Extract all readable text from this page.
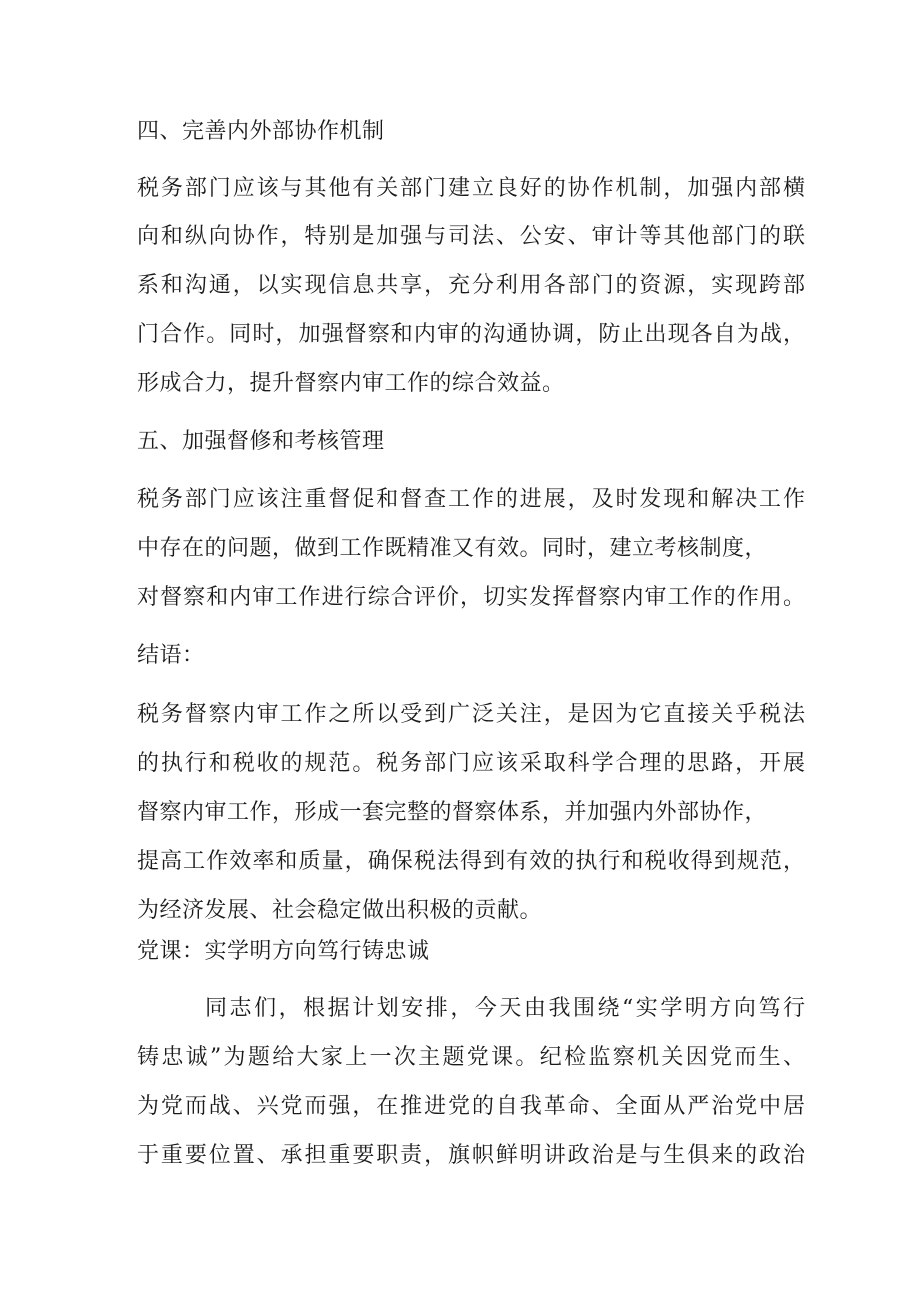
四、完善内外部协作机制
税务部门应该与其他有关部门建立良好的协作机制，加强内部横
向和纵向协作，特别是加强与司法、公安、审计等其他部门的联
系和沟通，以实现信息共享，充分利用各部门的资源，实现跨部
门合作。同时，加强督察和内审的沟通协调，防止出现各自为战，
形成合力，提升督察内审工作的综合效益。
五、加强督修和考核管理
税务部门应该注重督促和督查工作的进展，及时发现和解决工作
中存在的问题，做到工作既精准又有效。同时，建立考核制度，
对督察和内审工作进行综合评价，切实发挥督察内审工作的作用。
结语：
税务督察内审工作之所以受到广泛关注，是因为它直接关乎税法
的执行和税收的规范。税务部门应该采取科学合理的思路，开展
督察内审工作，形成一套完整的督察体系，并加强内外部协作，
提高工作效率和质量，确保税法得到有效的执行和税收得到规范，
为经济发展、社会稳定做出积极的贡献。
党课：实学明方向笃行铸忠诚
同志们，根据计划安排，今天由我围绕“实学明方向笃行
铸忠诚”为题给大家上一次主题党课。纪检监察机关因党而生、
为党而战、兴党而强，在推进党的自我革命、全面从严治党中居
于重要位置、承担重要职责，旗帜鲜明讲政治是与生俱来的政治
